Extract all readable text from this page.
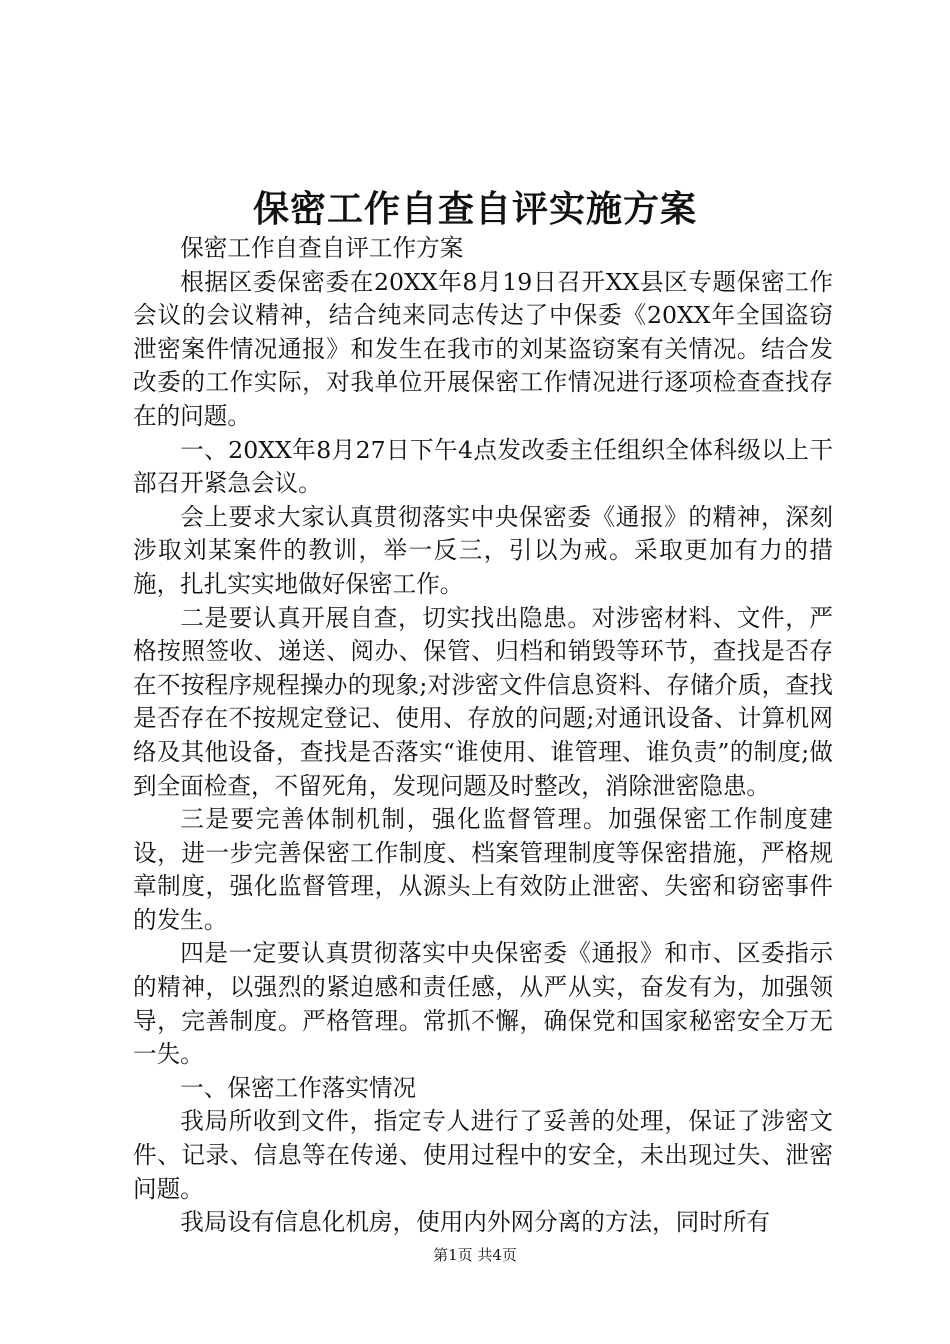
保密工作自查自评实施方案

保密工作自查自评工作方案

根据区委保密委在20XX年8月19日召开XX县区专题保密工作会议的会议精神，结合纯来同志传达了中保委《20XX年全国盗窃泄密案件情况通报》和发生在我市的刘某盗窃案有关情况。结合发改委的工作实际，对我单位开展保密工作情况进行逐项检查查找存在的问题。

一、20XX年8月27日下午4点发改委主任组织全体科级以上干部召开紧急会议。

会上要求大家认真贯彻落实中央保密委《通报》的精神，深刻涉取刘某案件的教训，举一反三，引以为戒。采取更加有力的措施，扎扎实实地做好保密工作。

二是要认真开展自查，切实找出隐患。对涉密材料、文件，严格按照签收、递送、阅办、保管、归档和销毁等环节，查找是否存在不按程序规程操办的现象;对涉密文件信息资料、存储介质，查找是否存在不按规定登记、使用、存放的问题;对通讯设备、计算机网络及其他设备，查找是否落实“谁使用、谁管理、谁负责”的制度;做到全面检查，不留死角，发现问题及时整改，消除泄密隐患。

三是要完善体制机制，强化监督管理。加强保密工作制度建设，进一步完善保密工作制度、档案管理制度等保密措施，严格规章制度，强化监督管理，从源头上有效防止泄密、失密和窃密事件的发生。

四是一定要认真贯彻落实中央保密委《通报》和市、区委指示的精神，以强烈的紧迫感和责任感，从严从实，奋发有为，加强领导，完善制度。严格管理。常抓不懈，确保党和国家秘密安全万无一失。

一、保密工作落实情况

我局所收到文件，指定专人进行了妥善的处理，保证了涉密文件、记录、信息等在传递、使用过程中的安全，未出现过失、泄密问题。

我局设有信息化机房，使用内外网分离的方法，同时所有

第1页 共4页
